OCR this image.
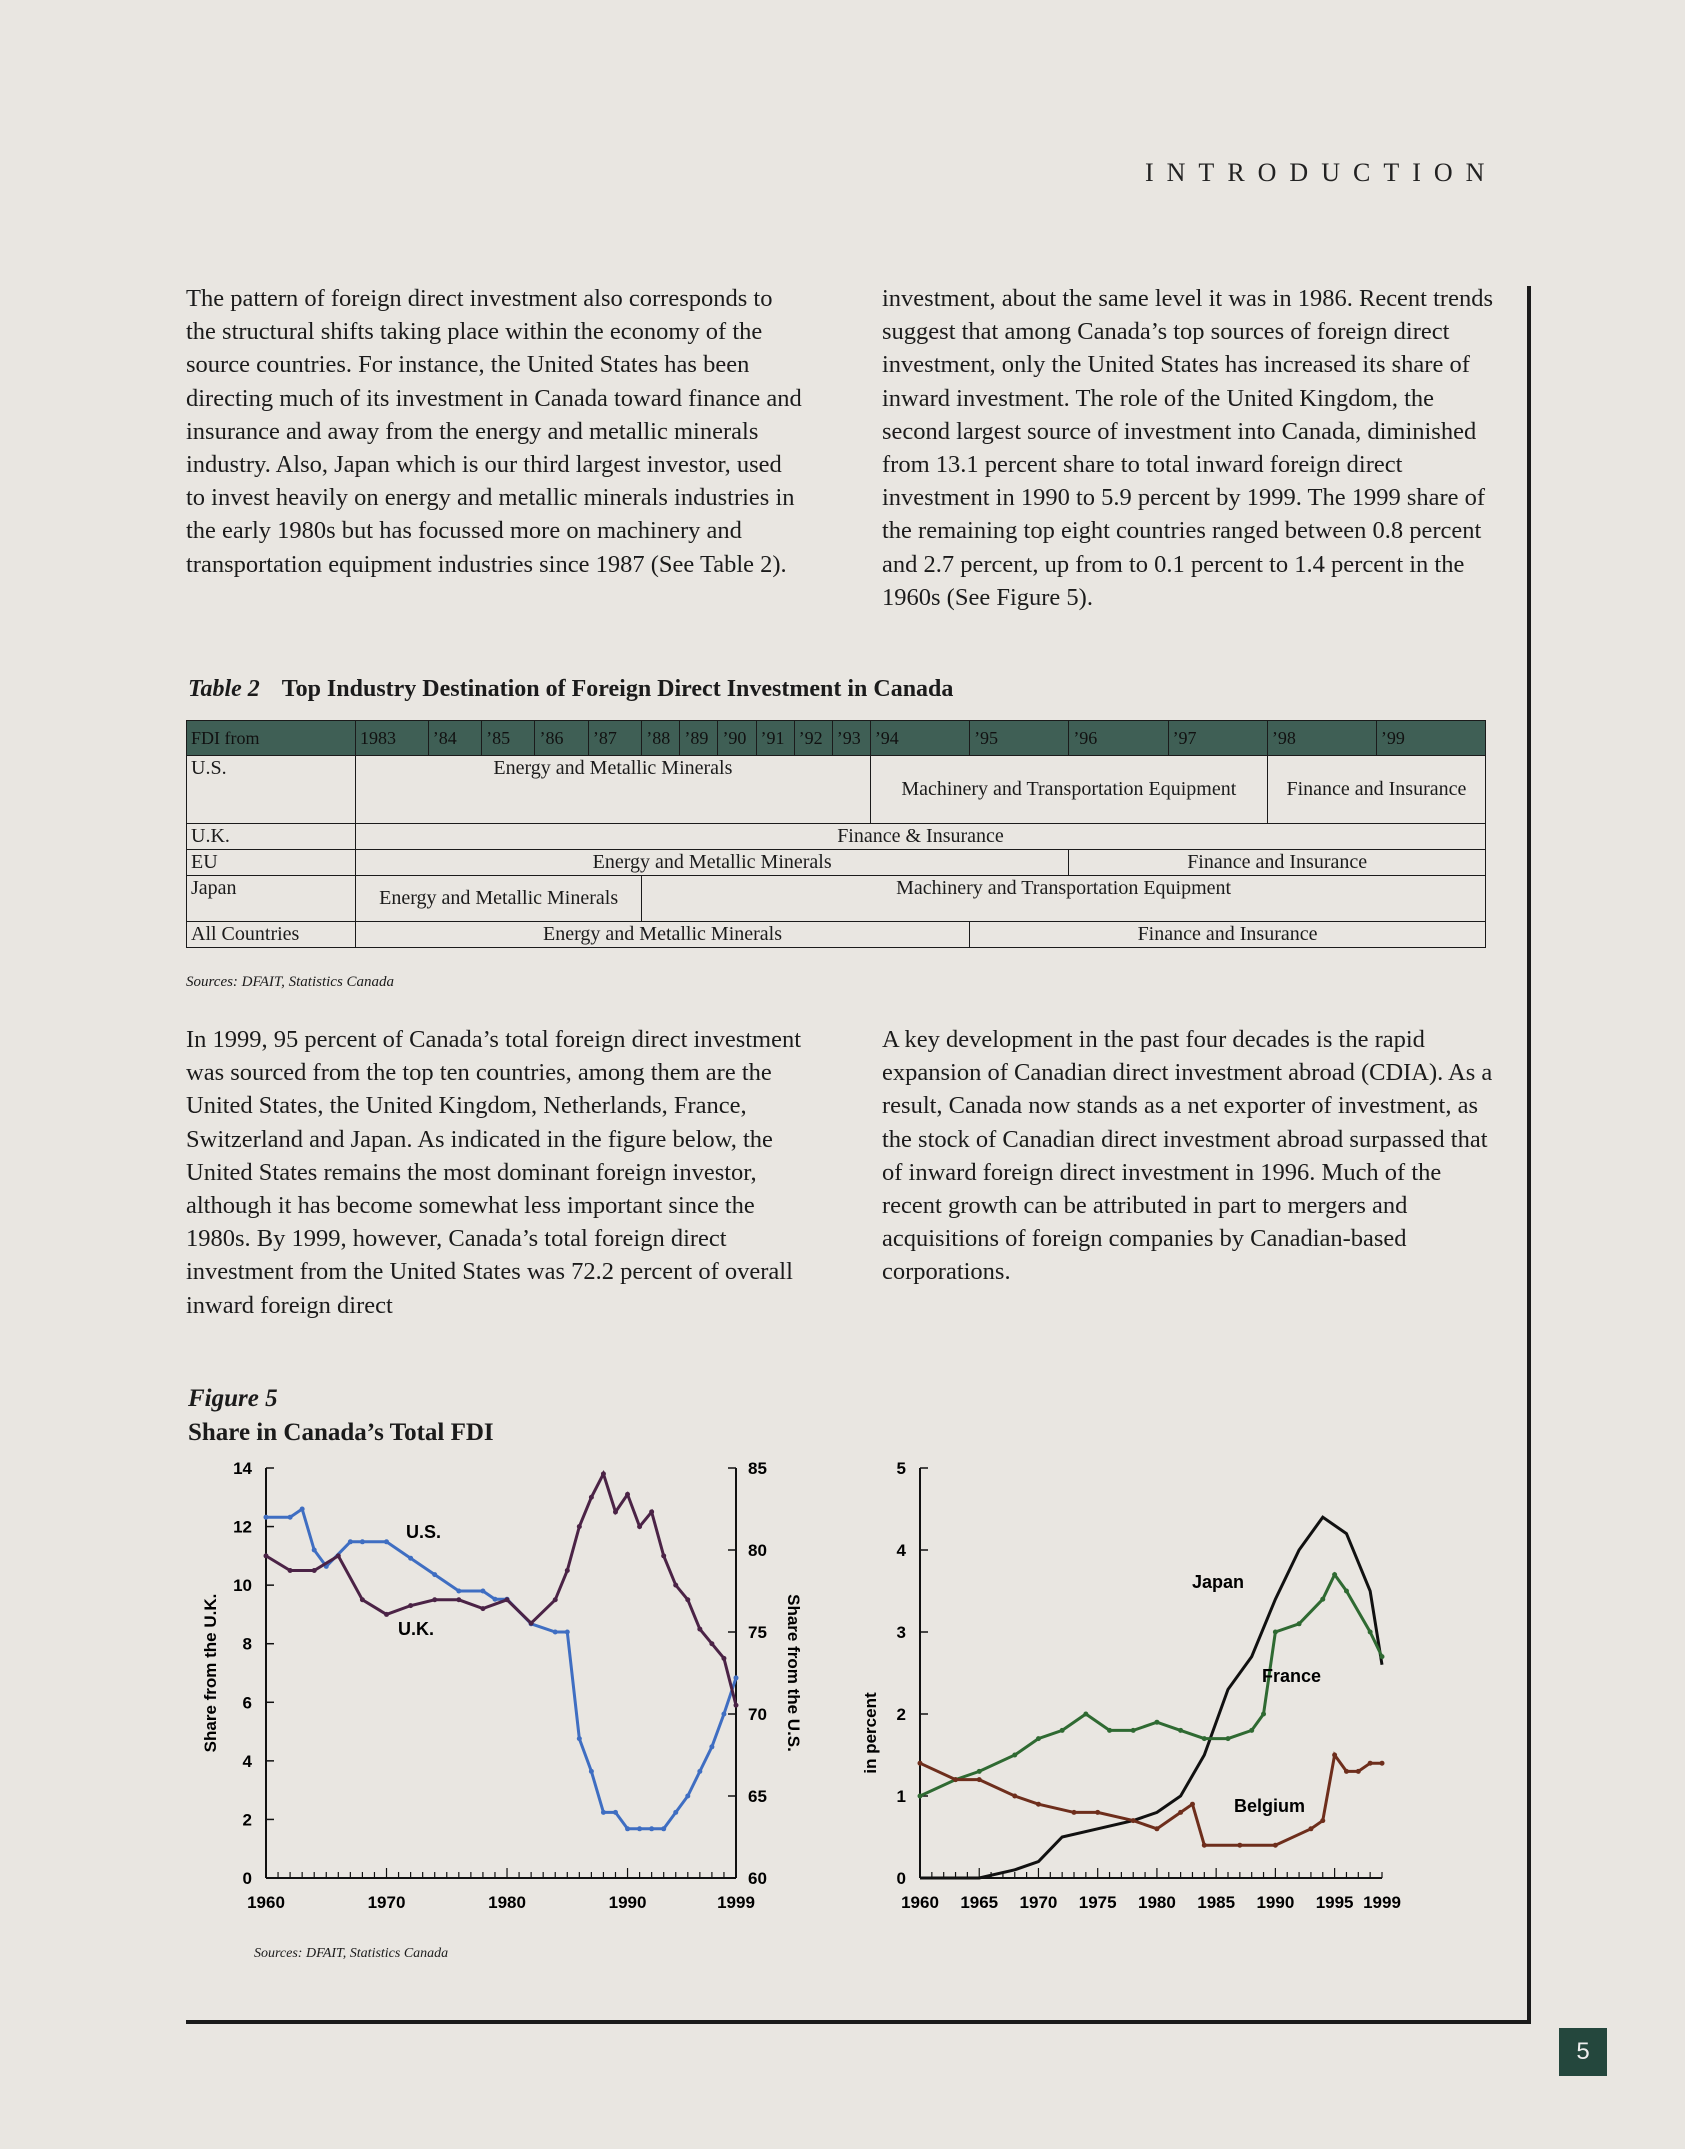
INTRODUCTION

The pattern of foreign direct investment also corresponds to the structural shifts taking place within the economy of the source countries. For instance, the United States has been directing much of its investment in Canada toward finance and insurance and away from the energy and metallic minerals industry. Also, Japan which is our third largest investor, used to invest heavily on energy and metallic minerals industries in the early 1980s but has focussed more on machinery and transportation equipment industries since 1987 (See Table 2).

investment, about the same level it was in 1986. Recent trends suggest that among Canada’s top sources of foreign direct investment, only the United States has increased its share of inward investment. The role of the United Kingdom, the second largest source of investment into Canada, diminished from 13.1 percent share to total inward foreign direct investment in 1990 to 5.9 percent by 1999. The 1999 share of the remaining top eight countries ranged between 0.8 percent and 2.7 percent, up from to 0.1 percent to 1.4 percent in the 1960s (See Figure 5).

Table 2 Top Industry Destination of Foreign Direct Investment in Canada
FDI from	1983	’84	’85	’86	’87	’88	’89	’90	’91	’92	’93	’94	’95	’96	’97	’98	’99
U.S.	Energy and Metallic Minerals											Machinery and Transportation Equipment				Finance and Insurance	
U.K.	Finance & Insurance																
EU	Energy and Metallic Minerals													Finance and Insurance			
Japan	Energy and Metallic Minerals					Machinery and Transportation Equipment											
All Countries	Energy and Metallic Minerals												Finance and Insurance				
Sources: DFAIT, Statistics Canada

In 1999, 95 percent of Canada’s total foreign direct investment was sourced from the top ten countries, among them are the United States, the United Kingdom, Netherlands, France, Switzerland and Japan. As indicated in the figure below, the United States remains the most dominant foreign investor, although it has become somewhat less important since the 1980s. By 1999, however, Canada’s total foreign direct investment from the United States was 72.2 percent of overall inward foreign direct

A key development in the past four decades is the rapid expansion of Canadian direct investment abroad (CDIA). As a result, Canada now stands as a net exporter of investment, as the stock of Canadian direct investment abroad surpassed that of inward foreign direct investment in 1996. Much of the recent growth can be attributed in part to mergers and acquisitions of foreign companies by Canadian-based corporations.

Figure 5
Share in Canada’s Total FDI
0
2
4
6
8
10
12
14
60
65
70
75
80
85
1960	1970	1980	1990	1999
Share from the U.K.	Share from the U.S.
U.S.
U.K.
0
1
2
3
4
5
1960 1965 1970 1975 1980 1985 1990 1995 1999
in percent
Japan
France
Belgium
Sources: DFAIT, Statistics Canada
5
